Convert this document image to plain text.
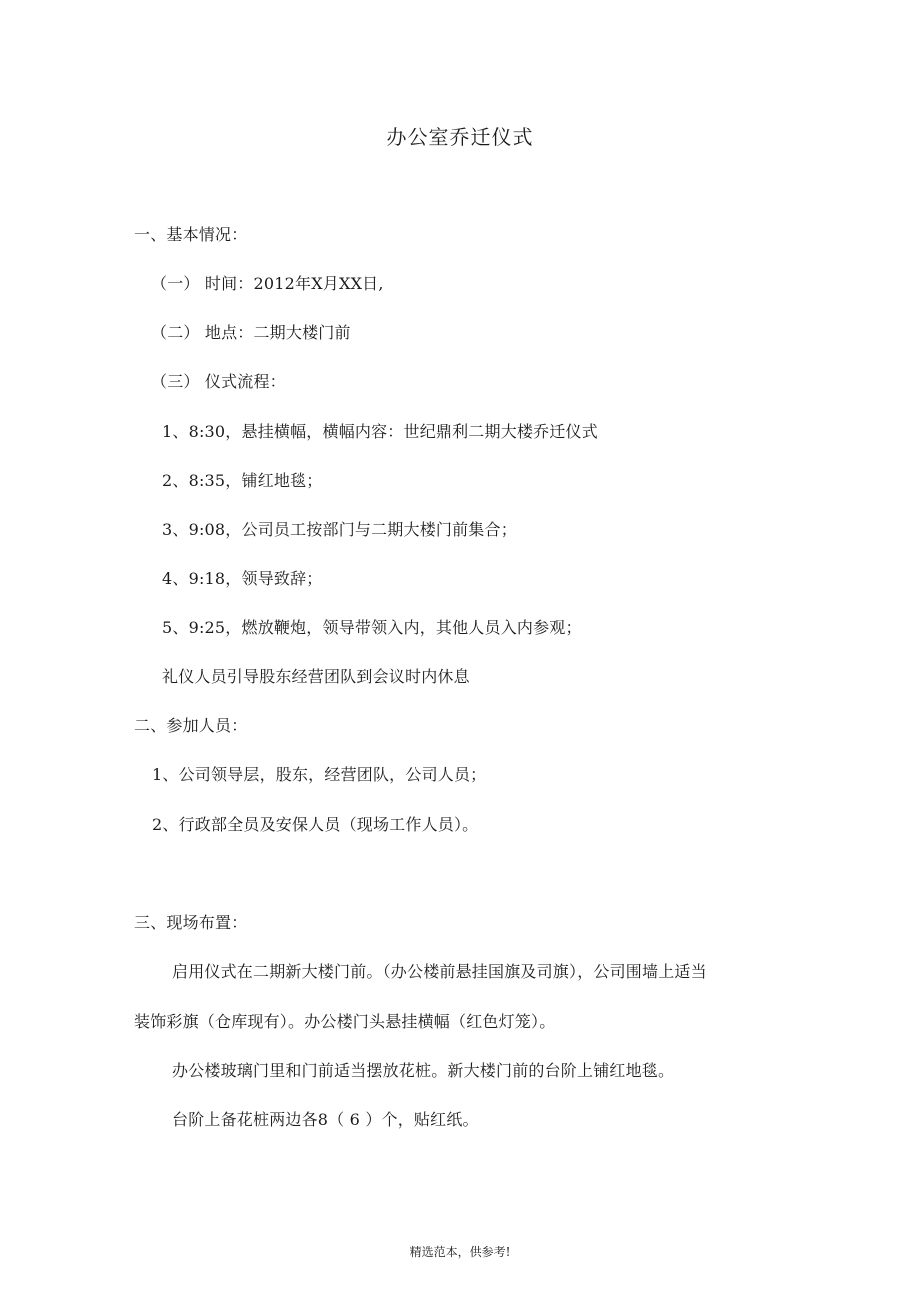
办公室乔迁仪式
一、基本情况：
（一） 时间：2012年X月XX日,
（二） 地点：二期大楼门前
（三） 仪式流程：
1、8:30，悬挂横幅，横幅内容：世纪鼎利二期大楼乔迁仪式
2、8:35，铺红地毯；
3、9:08，公司员工按部门与二期大楼门前集合；
4、9:18，领导致辞；
5、9:25，燃放鞭炮，领导带领入内，其他人员入内参观；
礼仪人员引导股东经营团队到会议时内休息
二、参加人员：
1、公司领导层，股东，经营团队，公司人员；
2、行政部全员及安保人员（现场工作人员）。
三、现场布置：
启用仪式在二期新大楼门前。（办公楼前悬挂国旗及司旗），公司围墙上适当
装饰彩旗（仓库现有）。办公楼门头悬挂横幅（红色灯笼）。
办公楼玻璃门里和门前适当摆放花桩。新大楼门前的台阶上铺红地毯。
台阶上备花桩两边各8（ 6 ）个，贴红纸。
精选范本，供参考!
